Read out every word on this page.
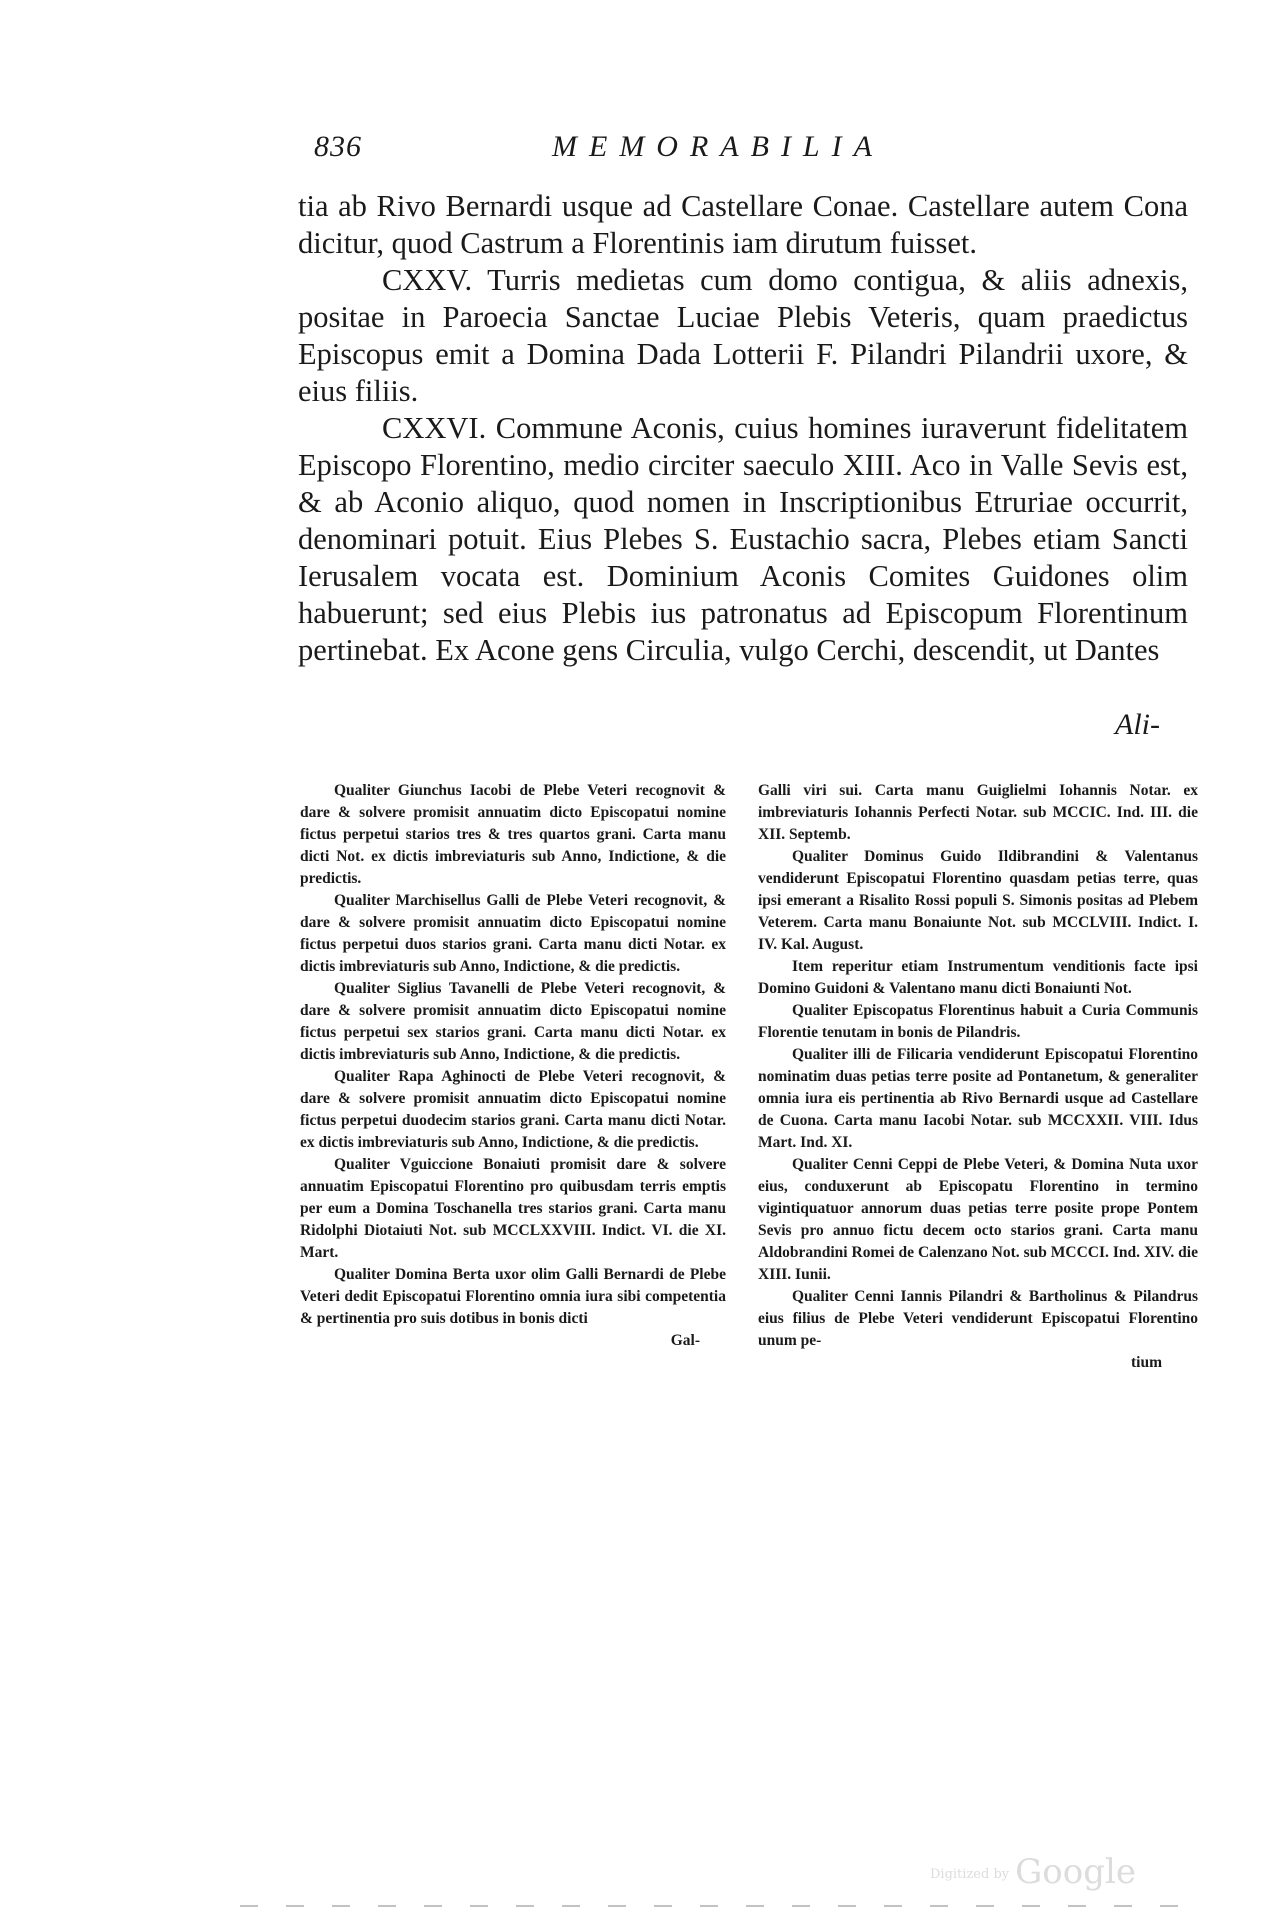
836	MEMORABILIA

tia ab Rivo Bernardi usque ad Castellare Conae. Castellare autem Cona dicitur, quod Castrum a Florentinis iam dirutum fuisset.

CXXV. Turris medietas cum domo contigua, & aliis adnexis, positae in Paroecia Sanctae Luciae Plebis Veteris, quam praedictus Episcopus emit a Domina Dada Lotterii F. Pilandri Pilandrii uxore, & eius filiis.

CXXVI. Commune Aconis, cuius homines iuraverunt fidelitatem Episcopo Florentino, medio circiter saeculo XIII. Aco in Valle Sevis est, & ab Aconio aliquo, quod nomen in Inscriptionibus Etruriae occurrit, denominari potuit. Eius Plebes S. Eustachio sacra, Plebes etiam Sancti Ierusalem vocata est. Dominium Aconis Comites Guidones olim habuerunt; sed eius Plebis ius patronatus ad Episcopum Florentinum pertinebat. Ex Acone gens Circulia, vulgo Cerchi, descendit, ut Dantes

Ali-

Qualiter Giunchus Iacobi de Plebe Veteri recognovit & dare & solvere promisit annuatim dicto Episcopatui nomine fictus perpetui starios tres & tres quartos grani. Carta manu dicti Not. ex dictis imbreviaturis sub Anno, Indictione, & die predictis.

Qualiter Marchisellus Galli de Plebe Veteri recognovit, & dare & solvere promisit annuatim dicto Episcopatui nomine fictus perpetui duos starios grani. Carta manu dicti Notar. ex dictis imbreviaturis sub Anno, Indictione, & die predictis.

Qualiter Siglius Tavanelli de Plebe Veteri recognovit, & dare & solvere promisit annuatim dicto Episcopatui nomine fictus perpetui sex starios grani. Carta manu dicti Notar. ex dictis imbreviaturis sub Anno, Indictione, & die predictis.

Qualiter Rapa Aghinocti de Plebe Veteri recognovit, & dare & solvere promisit annuatim dicto Episcopatui nomine fictus perpetui duodecim starios grani. Carta manu dicti Notar. ex dictis imbreviaturis sub Anno, Indictione, & die predictis.

Qualiter Vguiccione Bonaiuti promisit dare & solvere annuatim Episcopatui Florentino pro quibusdam terris emptis per eum a Domina Toschanella tres starios grani. Carta manu Ridolphi Diotaiuti Not. sub MCCLXXVIII. Indict. VI. die XI. Mart.

Qualiter Domina Berta uxor olim Galli Bernardi de Plebe Veteri dedit Episcopatui Florentino omnia iura sibi competentia & pertinentia pro suis dotibus in bonis dicti

Gal-

Galli viri sui. Carta manu Guiglielmi Iohannis Notar. ex imbreviaturis Iohannis Perfecti Notar. sub MCCIC. Ind. III. die XII. Septemb.

Qualiter Dominus Guido Ildibrandini & Valentanus vendiderunt Episcopatui Florentino quasdam petias terre, quas ipsi emerant a Risalito Rossi populi S. Simonis positas ad Plebem Veterem. Carta manu Bonaiunte Not. sub MCCLVIII. Indict. I. IV. Kal. August.

Item reperitur etiam Instrumentum venditionis facte ipsi Domino Guidoni & Valentano manu dicti Bonaiunti Not.

Qualiter Episcopatus Florentinus habuit a Curia Communis Florentie tenutam in bonis de Pilandris.

Qualiter illi de Filicaria vendiderunt Episcopatui Florentino nominatim duas petias terre posite ad Pontanetum, & generaliter omnia iura eis pertinentia ab Rivo Bernardi usque ad Castellare de Cuona. Carta manu Iacobi Notar. sub MCCXXII. VIII. Idus Mart. Ind. XI.

Qualiter Cenni Ceppi de Plebe Veteri, & Domina Nuta uxor eius, conduxerunt ab Episcopatu Florentino in termino vigintiquatuor annorum duas petias terre posite prope Pontem Sevis pro annuo fictu decem octo starios grani. Carta manu Aldobrandini Romei de Calenzano Not. sub MCCCI. Ind. XIV. die XIII. Iunii.

Qualiter Cenni Iannis Pilandri & Bartholinus & Pilandrus eius filius de Plebe Veteri vendiderunt Episcopatui Florentino unum pe-

tium
Digitized by Google
